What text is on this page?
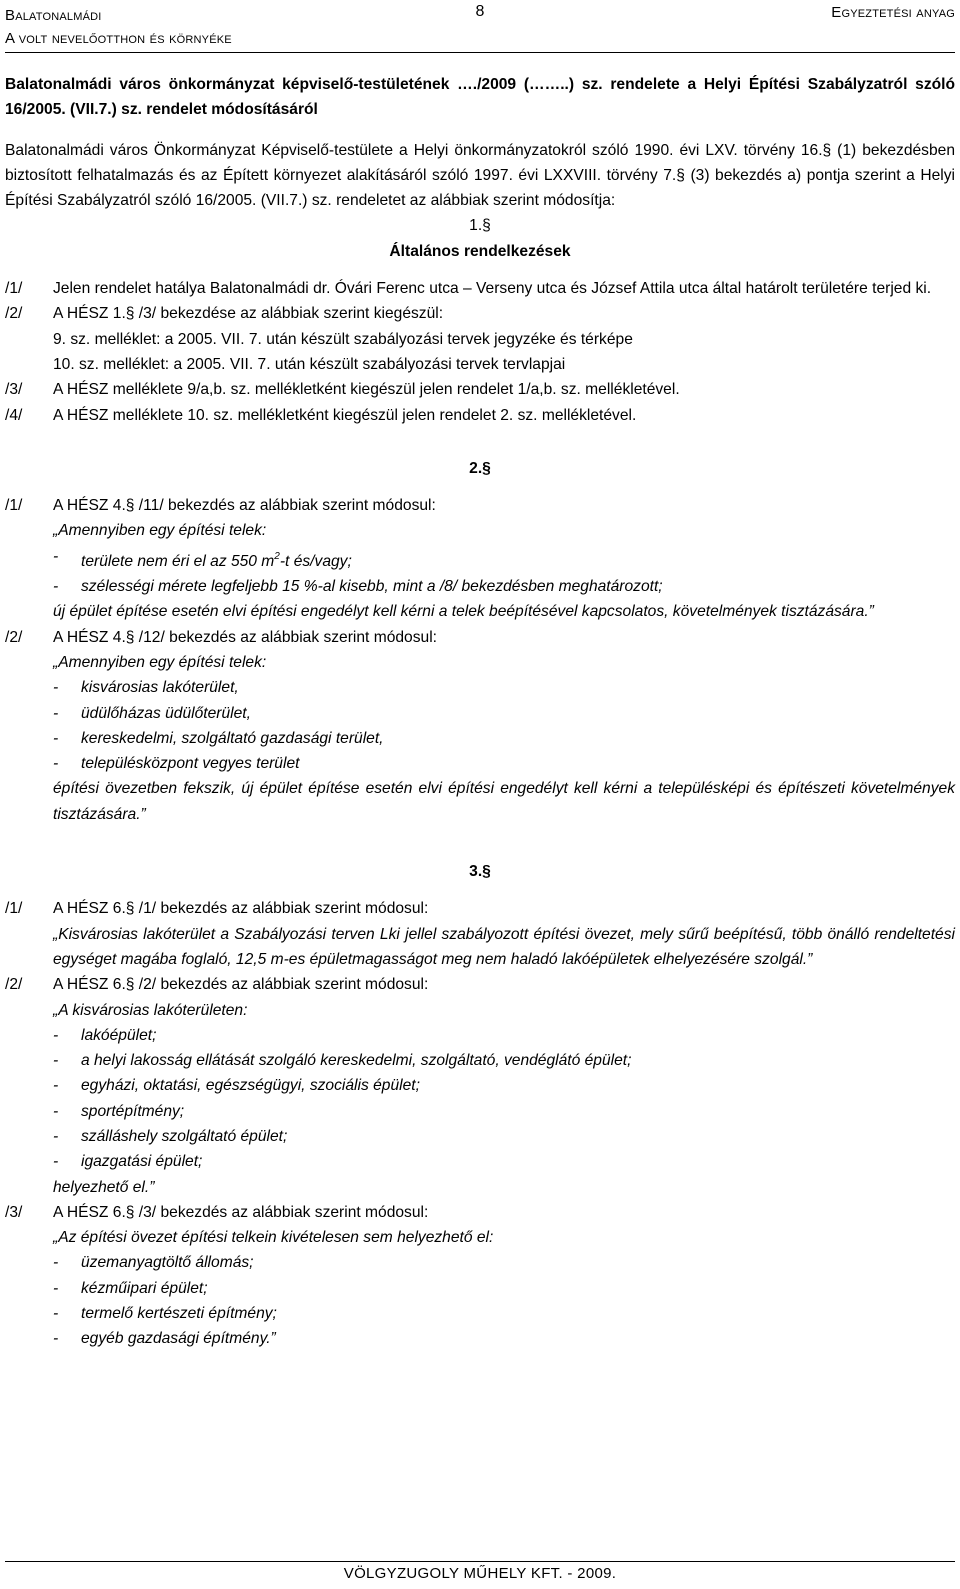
Balatonalmádi
A volt nevelőotthon és környéke
8	Egyeztetési anyag

Balatonalmádi város önkormányzat képviselő-testületének …./2009 (……..) sz. rendelete a Helyi Építési Szabályzatról szóló 16/2005. (VII.7.) sz. rendelet módosításáról

Balatonalmádi város Önkormányzat Képviselő-testülete a Helyi önkormányzatokról szóló 1990. évi LXV. törvény 16.§ (1) bekezdésben biztosított felhatalmazás és az Épített környezet alakításáról szóló 1997. évi LXXVIII. törvény 7.§ (3) bekezdés a) pontja szerint a Helyi Építési Szabályzatról szóló 16/2005. (VII.7.) sz. rendeletet az alábbiak szerint módosítja:

1.§
Általános rendelkezések
/1/	Jelen rendelet hatálya Balatonalmádi dr. Óvári Ferenc utca – Verseny utca és József Attila utca által határolt területére terjed ki.
/2/	A HÉSZ 1.§ /3/ bekezdése az alábbiak szerint kiegészül:
9. sz. melléklet: a 2005. VII. 7. után készült szabályozási tervek jegyzéke és térképe
10. sz. melléklet: a 2005. VII. 7. után készült szabályozási tervek tervlapjai
/3/	A HÉSZ melléklete 9/a,b. sz. mellékletként kiegészül jelen rendelet 1/a,b. sz. mellékletével.
/4/	A HÉSZ melléklete 10. sz. mellékletként kiegészül jelen rendelet 2. sz. mellékletével.
2.§
/1/	A HÉSZ 4.§ /11/ bekezdés az alábbiak szerint módosul:
„Amennyiben egy építési telek:
-	területe nem éri el az 550 $m^2-t$ és/vagy;
-	szélességi mérete legfeljebb 15 %-al kisebb, mint a /8/ bekezdésben meghatározott;
új épület építése esetén elvi építési engedélyt kell kérni a telek beépítésével kapcsolatos, követelmények tisztázására.”
/2/	A HÉSZ 4.§ /12/ bekezdés az alábbiak szerint módosul:
„Amennyiben egy építési telek:
-	kisvárosias lakóterület,
-	üdülőházas üdülőterület,
-	kereskedelmi, szolgáltató gazdasági terület,
-	településközpont vegyes terület
építési övezetben fekszik, új épület építése esetén elvi építési engedélyt kell kérni a településképi és építészeti követelmények tisztázására.”
3.§
/1/	A HÉSZ 6.§ /1/ bekezdés az alábbiak szerint módosul:
„Kisvárosias lakóterület a Szabályozási terven Lki jellel szabályozott építési övezet, mely sűrű beépítésű, több önálló rendeltetési egységet magába foglaló, 12,5 m-es épületmagasságot meg nem haladó lakóépületek elhelyezésére szolgál.”
/2/	A HÉSZ 6.§ /2/ bekezdés az alábbiak szerint módosul:
„A kisvárosias lakóterületen:
-	lakóépület;
-	a helyi lakosság ellátását szolgáló kereskedelmi, szolgáltató, vendéglátó épület;
-	egyházi, oktatási, egészségügyi, szociális épület;
-	sportépítmény;
-	szálláshely szolgáltató épület;
-	igazgatási épület;
helyezhető el.”
/3/	A HÉSZ 6.§ /3/ bekezdés az alábbiak szerint módosul:
„Az építési övezet építési telkein kivételesen sem helyezhető el:
-	üzemanyagtöltő állomás;
-	kézműipari épület;
-	termelő kertészeti építmény;
-	egyéb gazdasági építmény.”
VÖLGYZUGOLY MŰHELY KFT. - 2009.
